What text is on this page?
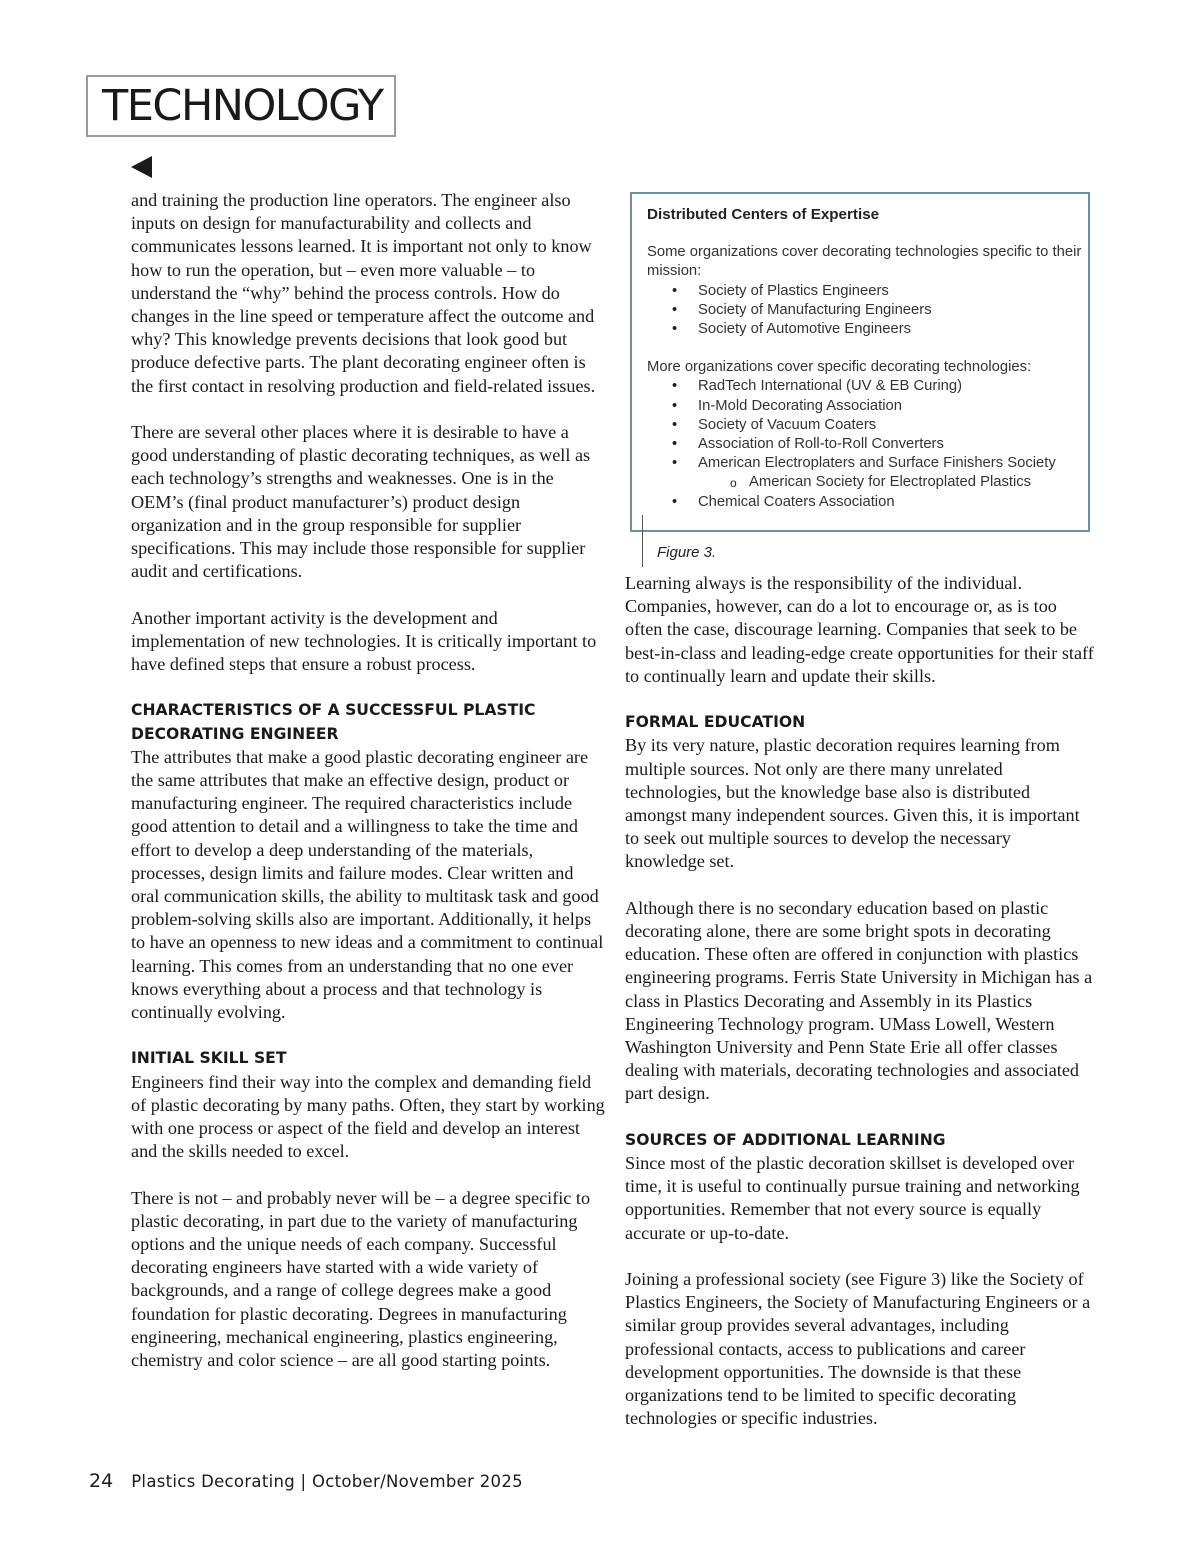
TECHNOLOGY

and training the production line operators. The engineer also inputs on design for manufacturability and collects and communicates lessons learned. It is important not only to know how to run the operation, but – even more valuable – to understand the “why” behind the process controls. How do changes in the line speed or temperature affect the outcome and why? This knowledge prevents decisions that look good but produce defective parts. The plant decorating engineer often is the first contact in resolving production and field-related issues.

There are several other places where it is desirable to have a good understanding of plastic decorating techniques, as well as each technology’s strengths and weaknesses. One is in the OEM’s (final product manufacturer’s) product design organization and in the group responsible for supplier specifications. This may include those responsible for supplier audit and certifications.

Another important activity is the development and implementation of new technologies. It is critically important to have defined steps that ensure a robust process.

CHARACTERISTICS OF A SUCCESSFUL PLASTIC DECORATING ENGINEER

The attributes that make a good plastic decorating engineer are the same attributes that make an effective design, product or manufacturing engineer. The required characteristics include good attention to detail and a willingness to take the time and effort to develop a deep understanding of the materials, processes, design limits and failure modes. Clear written and oral communication skills, the ability to multitask task and good problem-solving skills also are important. Additionally, it helps to have an openness to new ideas and a commitment to continual learning. This comes from an understanding that no one ever knows everything about a process and that technology is continually evolving.

INITIAL SKILL SET

Engineers find their way into the complex and demanding field of plastic decorating by many paths. Often, they start by working with one process or aspect of the field and develop an interest and the skills needed to excel.

There is not – and probably never will be – a degree specific to plastic decorating, in part due to the variety of manufacturing options and the unique needs of each company. Successful decorating engineers have started with a wide variety of backgrounds, and a range of college degrees make a good foundation for plastic decorating. Degrees in manufacturing engineering, mechanical engineering, plastics engineering, chemistry and color science – are all good starting points.

Distributed Centers of Expertise

Some organizations cover decorating technologies specific to their mission:

• Society of Plastics Engineers
• Society of Manufacturing Engineers
• Society of Automotive Engineers

More organizations cover specific decorating technologies:

• RadTech International (UV & EB Curing)
• In-Mold Decorating Association
• Society of Vacuum Coaters
• Association of Roll-to-Roll Converters
• American Electroplaters and Surface Finishers Society
o American Society for Electroplated Plastics
• Chemical Coaters Association
Figure 3.

Learning always is the responsibility of the individual. Companies, however, can do a lot to encourage or, as is too often the case, discourage learning. Companies that seek to be best-in-class and leading-edge create opportunities for their staff to continually learn and update their skills.

FORMAL EDUCATION

By its very nature, plastic decoration requires learning from multiple sources. Not only are there many unrelated technologies, but the knowledge base also is distributed amongst many independent sources. Given this, it is important to seek out multiple sources to develop the necessary knowledge set.

Although there is no secondary education based on plastic decorating alone, there are some bright spots in decorating education. These often are offered in conjunction with plastics engineering programs. Ferris State University in Michigan has a class in Plastics Decorating and Assembly in its Plastics Engineering Technology program. UMass Lowell, Western Washington University and Penn State Erie all offer classes dealing with materials, decorating technologies and associated part design.

SOURCES OF ADDITIONAL LEARNING

Since most of the plastic decoration skillset is developed over time, it is useful to continually pursue training and networking opportunities. Remember that not every source is equally accurate or up-to-date.

Joining a professional society (see Figure 3) like the Society of Plastics Engineers, the Society of Manufacturing Engineers or a similar group provides several advantages, including professional contacts, access to publications and career development opportunities. The downside is that these organizations tend to be limited to specific decorating technologies or specific industries.

24 Plastics Decorating | October/November 2025
